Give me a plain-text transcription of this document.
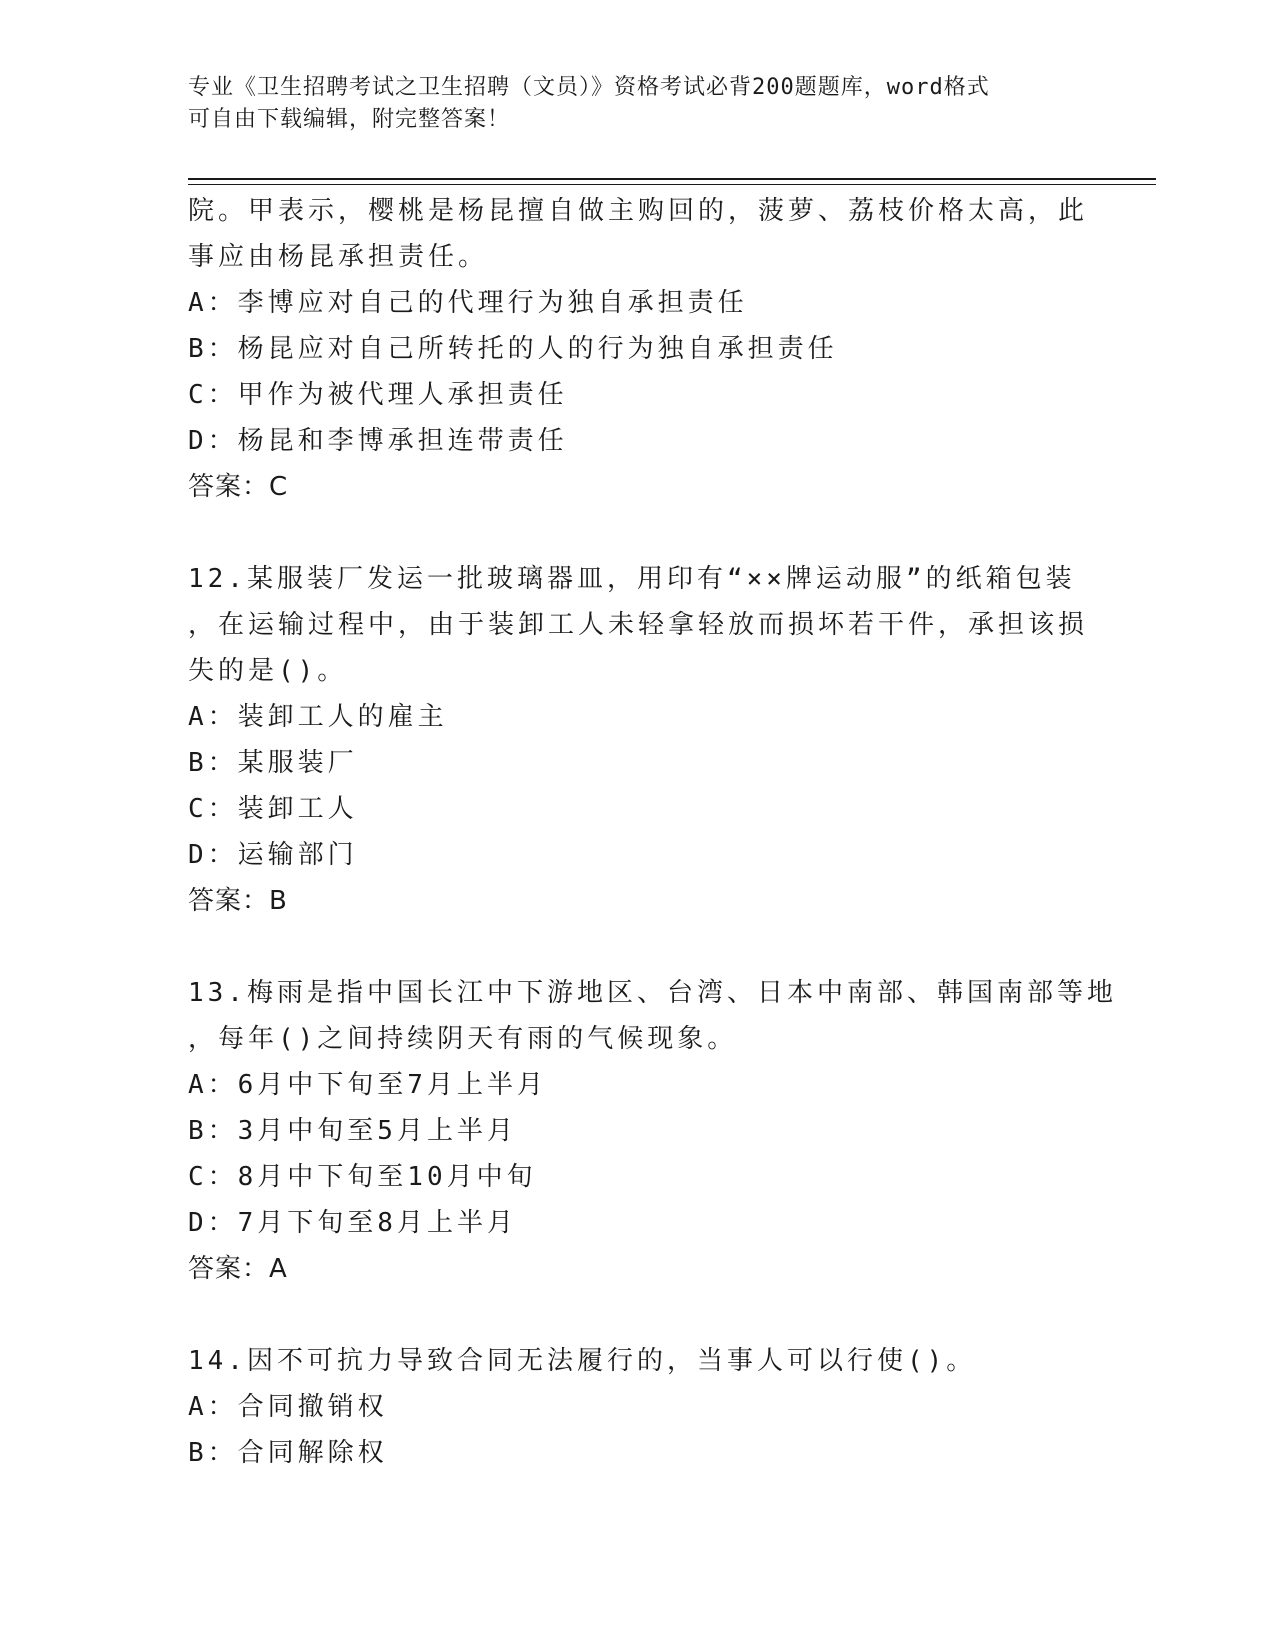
专业《卫生招聘考试之卫生招聘（文员）》资格考试必背200题题库，word格式
可自由下载编辑，附完整答案！
院。甲表示，樱桃是杨昆擅自做主购回的，菠萝、荔枝价格太高，此
事应由杨昆承担责任。
A：李博应对自己的代理行为独自承担责任
B：杨昆应对自己所转托的人的行为独自承担责任
C：甲作为被代理人承担责任
D：杨昆和李博承担连带责任
答案：C
12.某服装厂发运一批玻璃器皿，用印有“××牌运动服”的纸箱包装
，在运输过程中，由于装卸工人未轻拿轻放而损坏若干件，承担该损
失的是()。
A：装卸工人的雇主
B：某服装厂
C：装卸工人
D：运输部门
答案：B
13.梅雨是指中国长江中下游地区、台湾、日本中南部、韩国南部等地
，每年()之间持续阴天有雨的气候现象。
A：6月中下旬至7月上半月
B：3月中旬至5月上半月
C：8月中下旬至10月中旬
D：7月下旬至8月上半月
答案：A
14.因不可抗力导致合同无法履行的，当事人可以行使()。
A：合同撤销权
B：合同解除权
